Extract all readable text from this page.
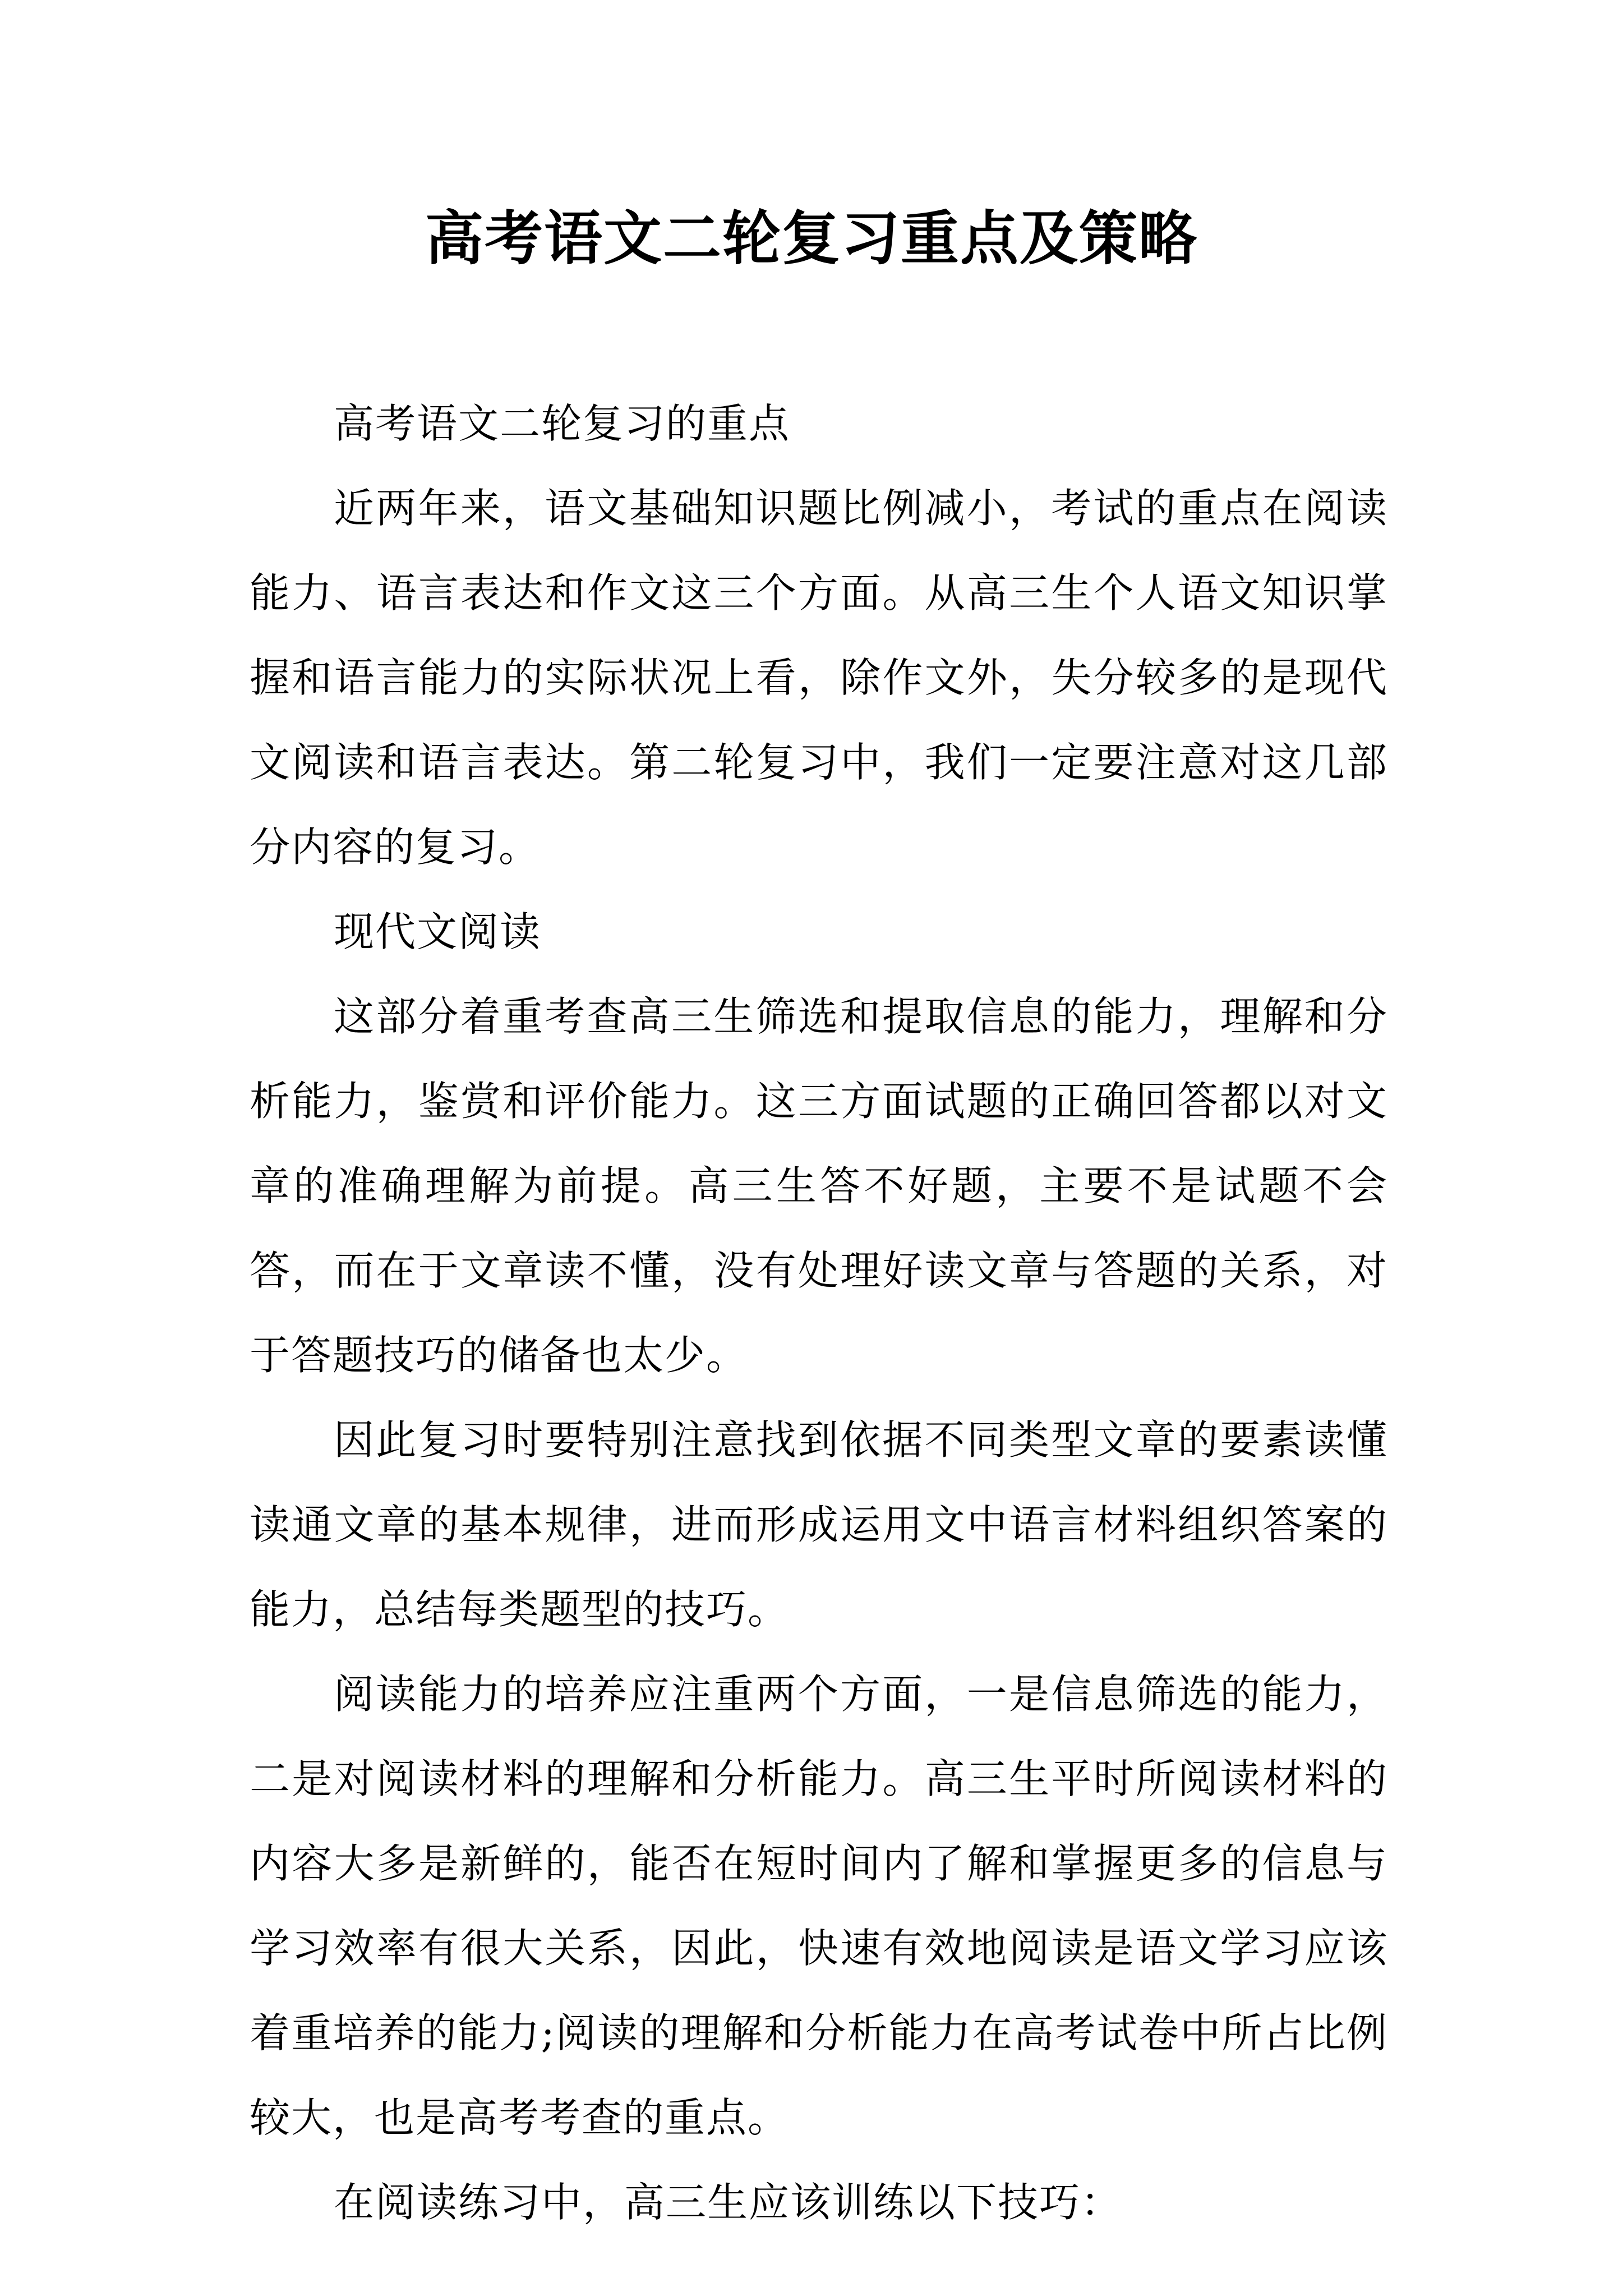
高考语文二轮复习重点及策略

高考语文二轮复习的重点

近两年来，语文基础知识题比例减小，考试的重点在阅读能力、语言表达和作文这三个方面。从高三生个人语文知识掌握和语言能力的实际状况上看，除作文外，失分较多的是现代文阅读和语言表达。第二轮复习中，我们一定要注意对这几部分内容的复习。

现代文阅读

这部分着重考查高三生筛选和提取信息的能力，理解和分析能力，鉴赏和评价能力。这三方面试题的正确回答都以对文章的准确理解为前提。高三生答不好题，主要不是试题不会答，而在于文章读不懂，没有处理好读文章与答题的关系，对于答题技巧的储备也太少。

因此复习时要特别注意找到依据不同类型文章的要素读懂读通文章的基本规律，进而形成运用文中语言材料组织答案的能力，总结每类题型的技巧。

阅读能力的培养应注重两个方面，一是信息筛选的能力，二是对阅读材料的理解和分析能力。高三生平时所阅读材料的内容大多是新鲜的，能否在短时间内了解和掌握更多的信息与学习效率有很大关系，因此，快速有效地阅读是语文学习应该着重培养的能力;阅读的理解和分析能力在高考试卷中所占比例较大，也是高考考查的重点。

在阅读练习中，高三生应该训练以下技巧：
